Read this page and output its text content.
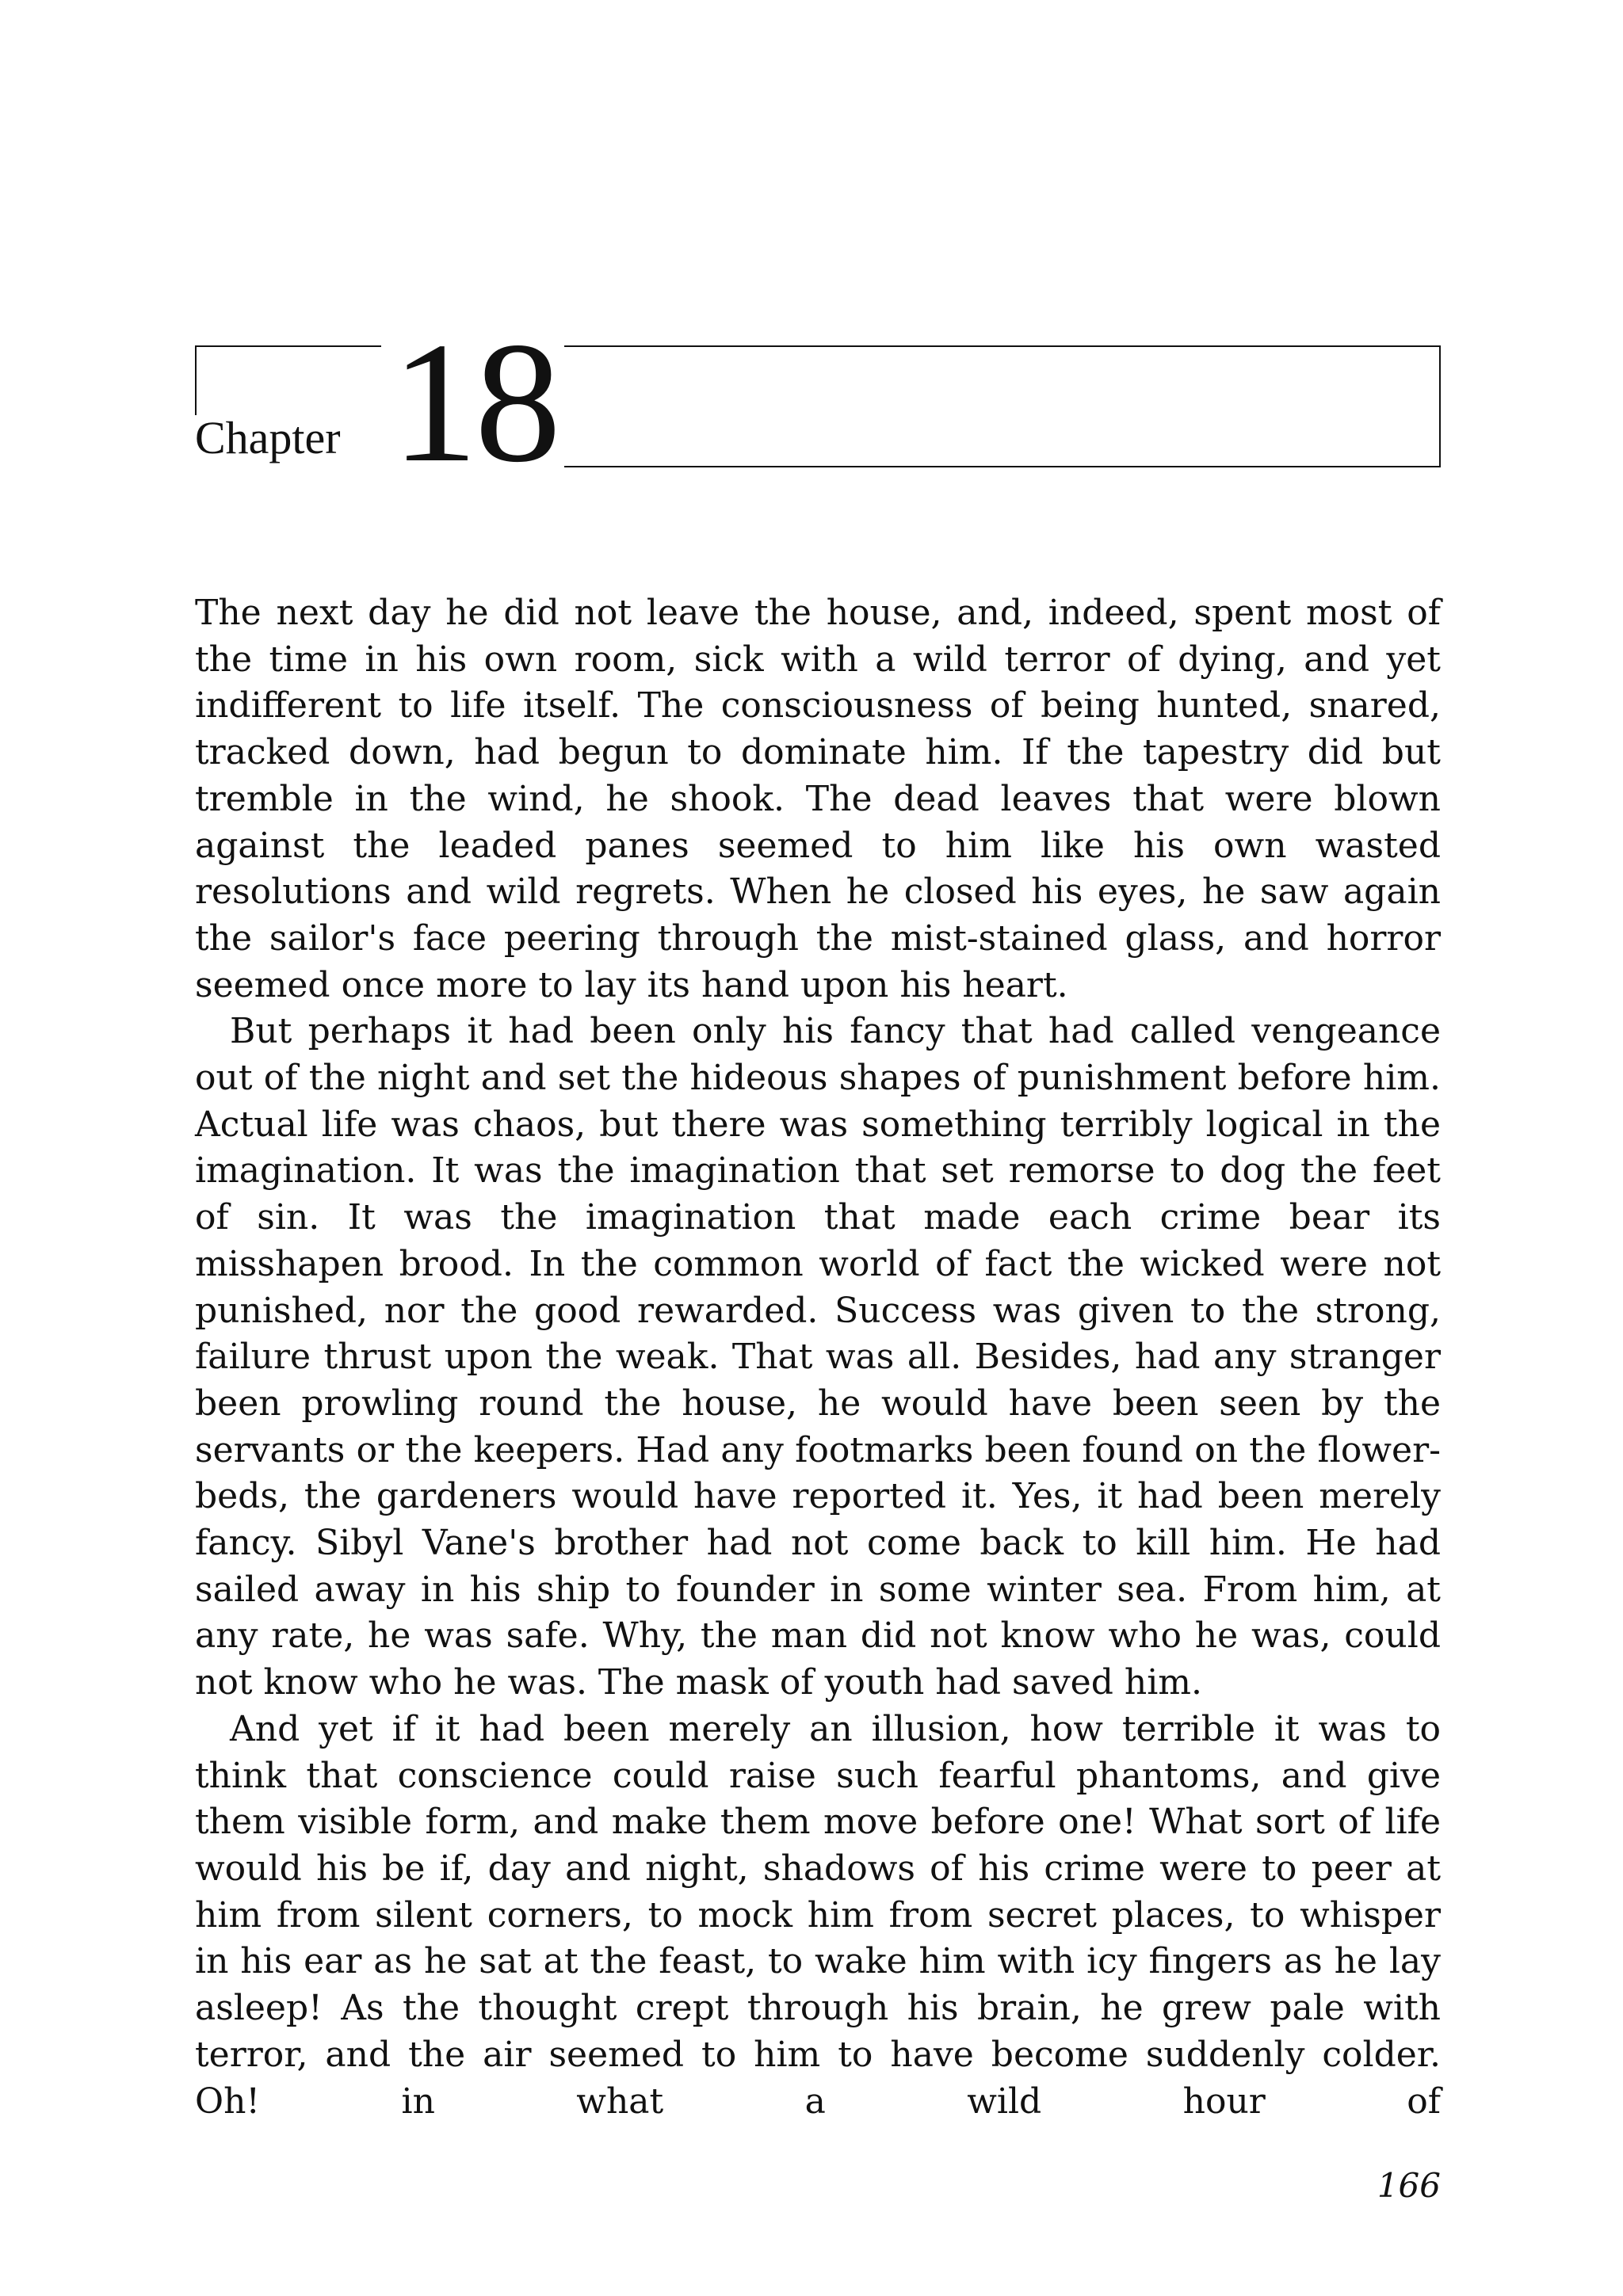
Chapter 18

The next day he did not leave the house, and, indeed, spent most of the time in his own room, sick with a wild terror of dying, and yet indifferent to life itself. The consciousness of being hunted, snared, tracked down, had begun to dominate him. If the tapestry did but tremble in the wind, he shook. The dead leaves that were blown against the leaded panes seemed to him like his own wasted resolutions and wild regrets. When he closed his eyes, he saw again the sailor's face peering through the mist-stained glass, and horror seemed once more to lay its hand upon his heart.

But perhaps it had been only his fancy that had called vengeance out of the night and set the hideous shapes of punishment before him. Actual life was chaos, but there was something terribly logical in the imagination. It was the imagination that set remorse to dog the feet of sin. It was the imagination that made each crime bear its misshapen brood. In the common world of fact the wicked were not punished, nor the good rewarded. Success was given to the strong, failure thrust upon the weak. That was all. Besides, had any stranger been prowling round the house, he would have been seen by the servants or the keepers. Had any footmarks been found on the flower-beds, the gardeners would have reported it. Yes, it had been merely fancy. Sibyl Vane's brother had not come back to kill him. He had sailed away in his ship to founder in some winter sea. From him, at any rate, he was safe. Why, the man did not know who he was, could not know who he was. The mask of youth had saved him.

And yet if it had been merely an illusion, how terrible it was to think that conscience could raise such fearful phantoms, and give them visible form, and make them move before one! What sort of life would his be if, day and night, shadows of his crime were to peer at him from silent corners, to mock him from secret places, to whisper in his ear as he sat at the feast, to wake him with icy fingers as he lay asleep! As the thought crept through his brain, he grew pale with terror, and the air seemed to him to have become suddenly colder. Oh! in what a wild hour of

166
